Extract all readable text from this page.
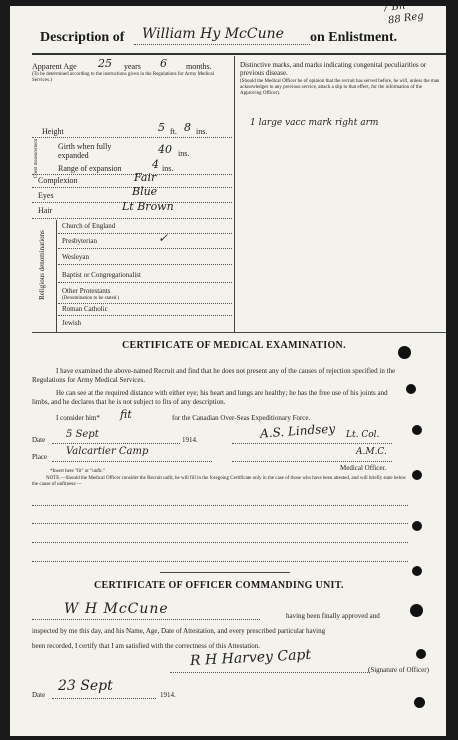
7 Bn
88 Reg
Description of William Hy McCune on Enlistment.
Apparent Age 25 years 6 months.
(To be determined according to the instructions given in the Regulations for Army Medical Services.)
Distinctive marks, and marks indicating congenital peculiarities or previous disease.
(Should the Medical Officer be of opinion that the recruit has served before, he will, unless the man acknowledges to any previous service, attach a slip to that effect, for the information of the Approving Officer).
1 large vacc mark right arm
Height	5 ft. 8 ins.
Chest measurement Girth when fully expanded	40 ins.
Range of expansion	4 ins.
Complexion	Fair
Eyes	Blue
Hair	Lt Brown
Religious denominations
Church of England
Presbyterian	✓
Wesleyan
Baptist or Congregationalist
Other Protestants
(Denomination to be stated.)
Roman Catholic
Jewish
CERTIFICATE OF MEDICAL EXAMINATION.
I have examined the above-named Recruit and find that he does not present any of the causes of rejection specified in the Regulations for Army Medical Services.
He can see at the required distance with either eye; his heart and lungs are healthy; he has the free use of his joints and limbs, and he declares that he is not subject to fits of any description.
I consider him* fit	for the Canadian Over-Seas Expeditionary Force.
Date 5 Sept	1914.	A.S. Lindsey Lt. Col.
Place Valcartier Camp	A.M.C.
Medical Officer.
*Insert here "fit" or "unfit."
NOTE.—Should the Medical Officer consider the Recruit unfit, he will fill in the foregoing Certificate only in the case of those who have been attested, and will briefly state below the cause of unfitness:—
CERTIFICATE OF OFFICER COMMANDING UNIT.
W H McCune	having been finally approved and
inspected by me this day, and his Name, Age, Date of Attestation, and every prescribed particular having
been recorded, I certify that I am satisfied with the correctness of this Attestation.
R H Harvey Capt
(Signature of Officer)
Date
23 Sept
1914.
